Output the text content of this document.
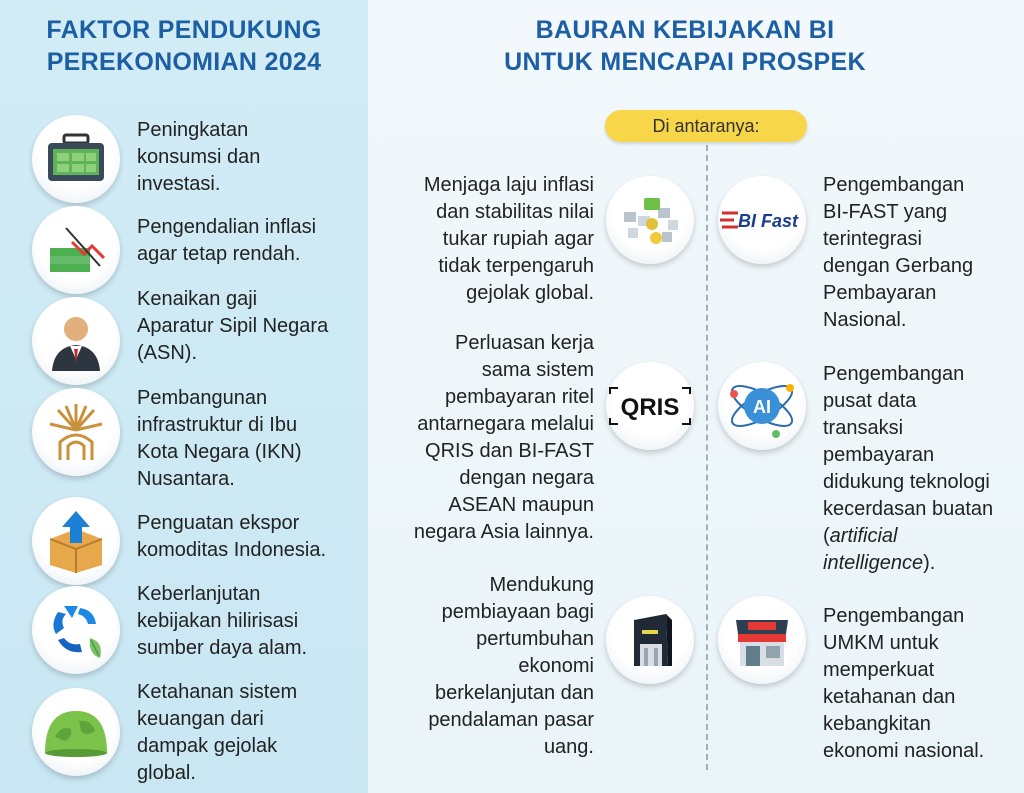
FAKTOR PENDUKUNG
PEREKONOMIAN 2024
BAURAN KEBIJAKAN BI
UNTUK MENCAPAI PROSPEK
Peningkatan
konsumsi dan
investasi.
Pengendalian inflasi
agar tetap rendah.
Kenaikan gaji
Aparatur Sipil Negara
(ASN).
Pembangunan
infrastruktur di Ibu
Kota Negara (IKN)
Nusantara.
Penguatan ekspor
komoditas Indonesia.
Keberlanjutan
kebijakan hilirisasi
sumber daya alam.
Ketahanan sistem
keuangan dari
dampak gejolak
global.
Di antaranya:
QRIS
BI Fast
AI
Menjaga laju inflasi
dan stabilitas nilai
tukar rupiah agar
tidak terpengaruh
gejolak global.
Perluasan kerja
sama sistem
pembayaran ritel
antarnegara melalui
QRIS dan BI-FAST
dengan negara
ASEAN maupun
negara Asia lainnya.
Mendukung
pembiayaan bagi
pertumbuhan
ekonomi
berkelanjutan dan
pendalaman pasar
uang.
Pengembangan
BI-FAST yang
terintegrasi
dengan Gerbang
Pembayaran
Nasional.
Pengembangan
pusat data
transaksi
pembayaran
didukung teknologi
kecerdasan buatan
(artificial
intelligence).
Pengembangan
UMKM untuk
memperkuat
ketahanan dan
kebangkitan
ekonomi nasional.
